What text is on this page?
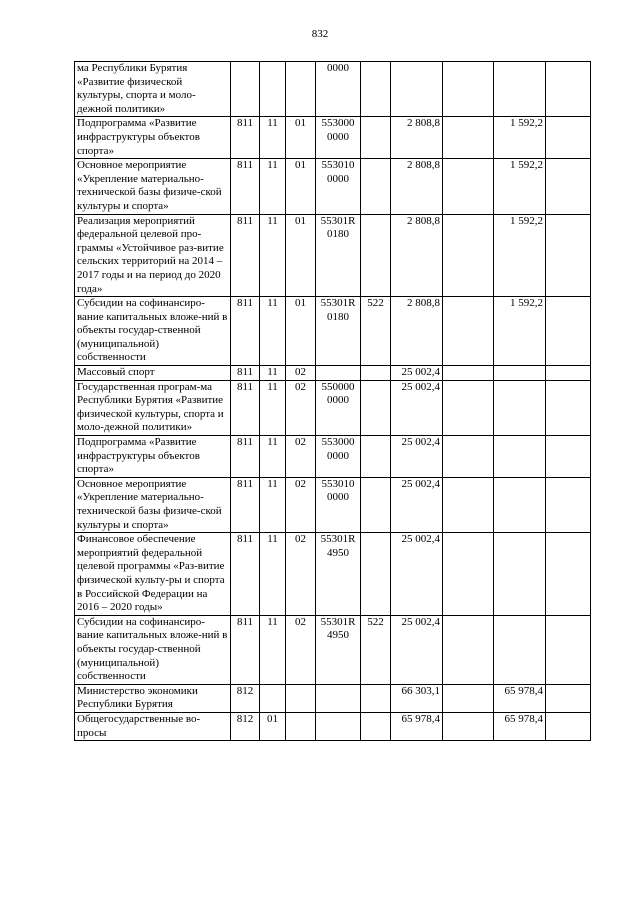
832
ма Республики Бурятия «Развитие физической культуры, спорта и моло-дежной политики»				0000					
Подпрограмма «Развитие инфраструктуры объектов спорта»	811	11	01	553000 0000		2 808,8		1 592,2	
Основное мероприятие «Укрепление материально-технической базы физиче-ской культуры и спорта»	811	11	01	553010 0000		2 808,8		1 592,2	
Реализация мероприятий федеральной целевой про-граммы «Устойчивое раз-витие сельских территорий на 2014 – 2017 годы и на период до 2020 года»	811	11	01	55301R 0180		2 808,8		1 592,2	
Субсидии на софинансиро-вание капитальных вложе-ний в объекты государ-ственной (муниципальной) собственности	811	11	01	55301R 0180	522	2 808,8		1 592,2	
Массовый спорт	811	11	02			25 002,4			
Государственная програм-ма Республики Бурятия «Развитие физической культуры, спорта и моло-дежной политики»	811	11	02	550000 0000		25 002,4			
Подпрограмма «Развитие инфраструктуры объектов спорта»	811	11	02	553000 0000		25 002,4			
Основное мероприятие «Укрепление материально-технической базы физиче-ской культуры и спорта»	811	11	02	553010 0000		25 002,4			
Финансовое обеспечение мероприятий федеральной целевой программы «Раз-витие физической культу-ры и спорта в Российской Федерации на 2016 – 2020 годы»	811	11	02	55301R 4950		25 002,4			
Субсидии на софинансиро-вание капитальных вложе-ний в объекты государ-ственной (муниципальной) собственности	811	11	02	55301R 4950	522	25 002,4			
Министерство экономики Республики Бурятия	812					66 303,1		65 978,4	
Общегосударственные во-просы	812	01				65 978,4		65 978,4	
